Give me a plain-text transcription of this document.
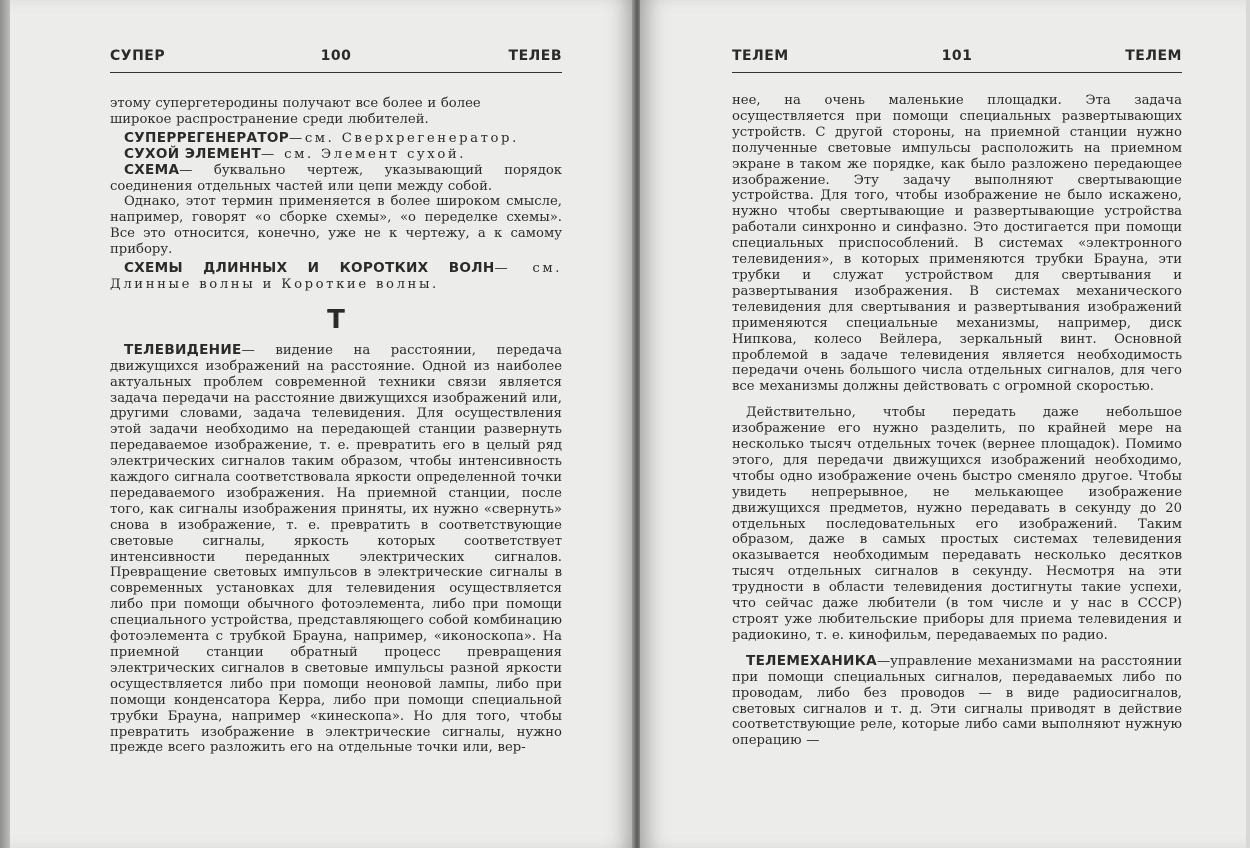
СУПЕР	100	ТЕЛЕВ

этому супергетеродины получают все более и более

широкое распространение среди любителей.

СУПЕРРЕГЕНЕРАТОР—см. Сверхрегенератор.

СУХОЙ ЭЛЕМЕНТ— см. Элемент сухой.

СХЕМА— буквально чертеж, указывающий порядок соединения отдельных частей или цепи между собой.

Однако, этот термин применяется в более широком смысле, например, говорят «о сборке схемы», «о переделке схемы». Все это относится, конечно, уже не к чертежу, а к самому прибору.

СХЕМЫ ДЛИННЫХ И КОРОТКИХ ВОЛН— см. Длинные волны и Короткие волны.

Т

ТЕЛЕВИДЕНИЕ— видение на расстоянии, передача движущихся изображений на расстояние. Одной из наиболее актуальных проблем современной техники связи является задача передачи на расстояние движущихся изображений или, другими словами, задача телевидения. Для осуществления этой задачи необходимо на передающей станции развернуть передаваемое изображение, т. е. превратить его в целый ряд электрических сигналов таким образом, чтобы интенсивность каждого сигнала соответствовала яркости определенной точки передаваемого изображения. На приемной станции, после того, как сигналы изображения приняты, их нужно «свернуть» снова в изображение, т. е. превратить в соответствующие световые сигналы, яркость которых соответствует интенсивности переданных электрических сигналов. Превращение световых импульсов в электрические сигналы в современных установках для телевидения осуществляется либо при помощи обычного фотоэлемента, либо при помощи специального устройства, представляющего собой комбинацию фотоэлемента с трубкой Брауна, например, «иконоскопа». На приемной станции обратный процесс превращения электрических сигналов в световые импульсы разной яркости осуществляется либо при помощи неоновой лампы, либо при помощи конденсатора Керра, либо при помощи специальной трубки Брауна, например «кинескопа». Но для того, чтобы превратить изображение в электрические сигналы, нужно прежде всего разложить его на отдельные точки или, вер-

ТЕЛЕМ	101	ТЕЛЕМ

нее, на очень маленькие площадки. Эта задача осуществляется при помощи специальных развертывающих устройств. С другой стороны, на приемной станции нужно полученные световые импульсы расположить на приемном экране в таком же порядке, как было разложено передающее изображение. Эту задачу выполняют свертывающие устройства. Для того, чтобы изображение не было искажено, нужно чтобы свертывающие и развертывающие устройства работали синхронно и синфазно. Это достигается при помощи специальных приспособлений. В системах «электронного телевидения», в которых применяются трубки Брауна, эти трубки и служат устройством для свертывания и развертывания изображения. В системах механического телевидения для свертывания и развертывания изображений применяются специальные механизмы, например, диск Нипкова, колесо Вейлера, зеркальный винт. Основной проблемой в задаче телевидения является необходимость передачи очень большого числа отдельных сигналов, для чего все механизмы должны действовать с огромной скоростью.

Действительно, чтобы передать даже небольшое изображение его нужно разделить, по крайней мере на несколько тысяч отдельных точек (вернее площадок). Помимо этого, для передачи движущихся изображений необходимо, чтобы одно изображение очень быстро сменяло другое. Чтобы увидеть непрерывное, не мелькающее изображение движущихся предметов, нужно передавать в секунду до 20 отдельных последовательных его изображений. Таким образом, даже в самых простых системах телевидения оказывается необходимым передавать несколько десятков тысяч отдельных сигналов в секунду. Несмотря на эти трудности в области телевидения достигнуты такие успехи, что сейчас даже любители (в том числе и у нас в СССР) строят уже любительские приборы для приема телевидения и радиокино, т. е. кинофильм, передаваемых по радио.

ТЕЛЕМЕХАНИКА—управление механизмами на расстоянии при помощи специальных сигналов, передаваемых либо по проводам, либо без проводов — в виде радиосигналов, световых сигналов и т. д. Эти сигналы приводят в действие соответствующие реле, которые либо сами выполняют нужную операцию —
